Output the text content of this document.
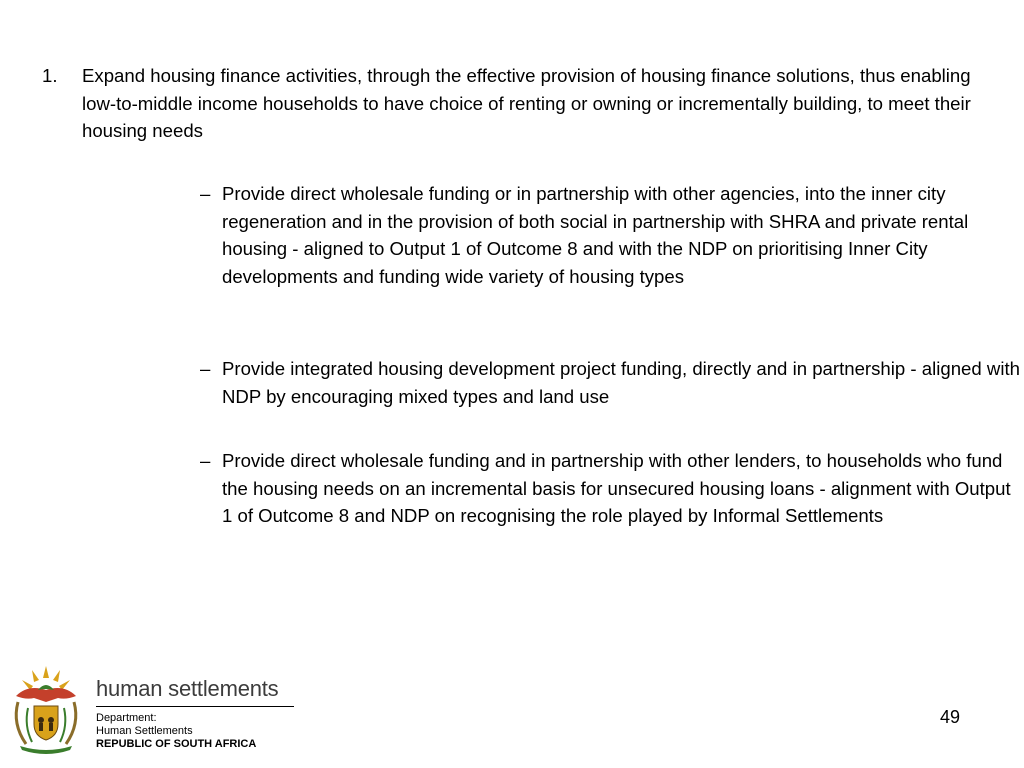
1. Expand housing finance activities, through the effective provision of housing finance solutions, thus enabling low-to-middle income households to have choice of renting or owning or incrementally building, to meet their housing needs
– Provide direct wholesale funding or in partnership with other agencies, into the inner city regeneration and in the provision of both social in partnership with SHRA and private rental housing - aligned to Output 1 of Outcome 8 and with the NDP on prioritising Inner City developments and funding wide variety of housing types
– Provide integrated housing development project funding, directly and in partnership - aligned with NDP by encouraging mixed types and land use
– Provide direct wholesale funding and in partnership with other lenders, to households who fund the housing needs on an incremental basis for unsecured housing loans - alignment with Output 1 of Outcome 8 and NDP on recognising the role played by Informal Settlements
human settlements
Department:
Human Settlements
REPUBLIC OF SOUTH AFRICA
49
